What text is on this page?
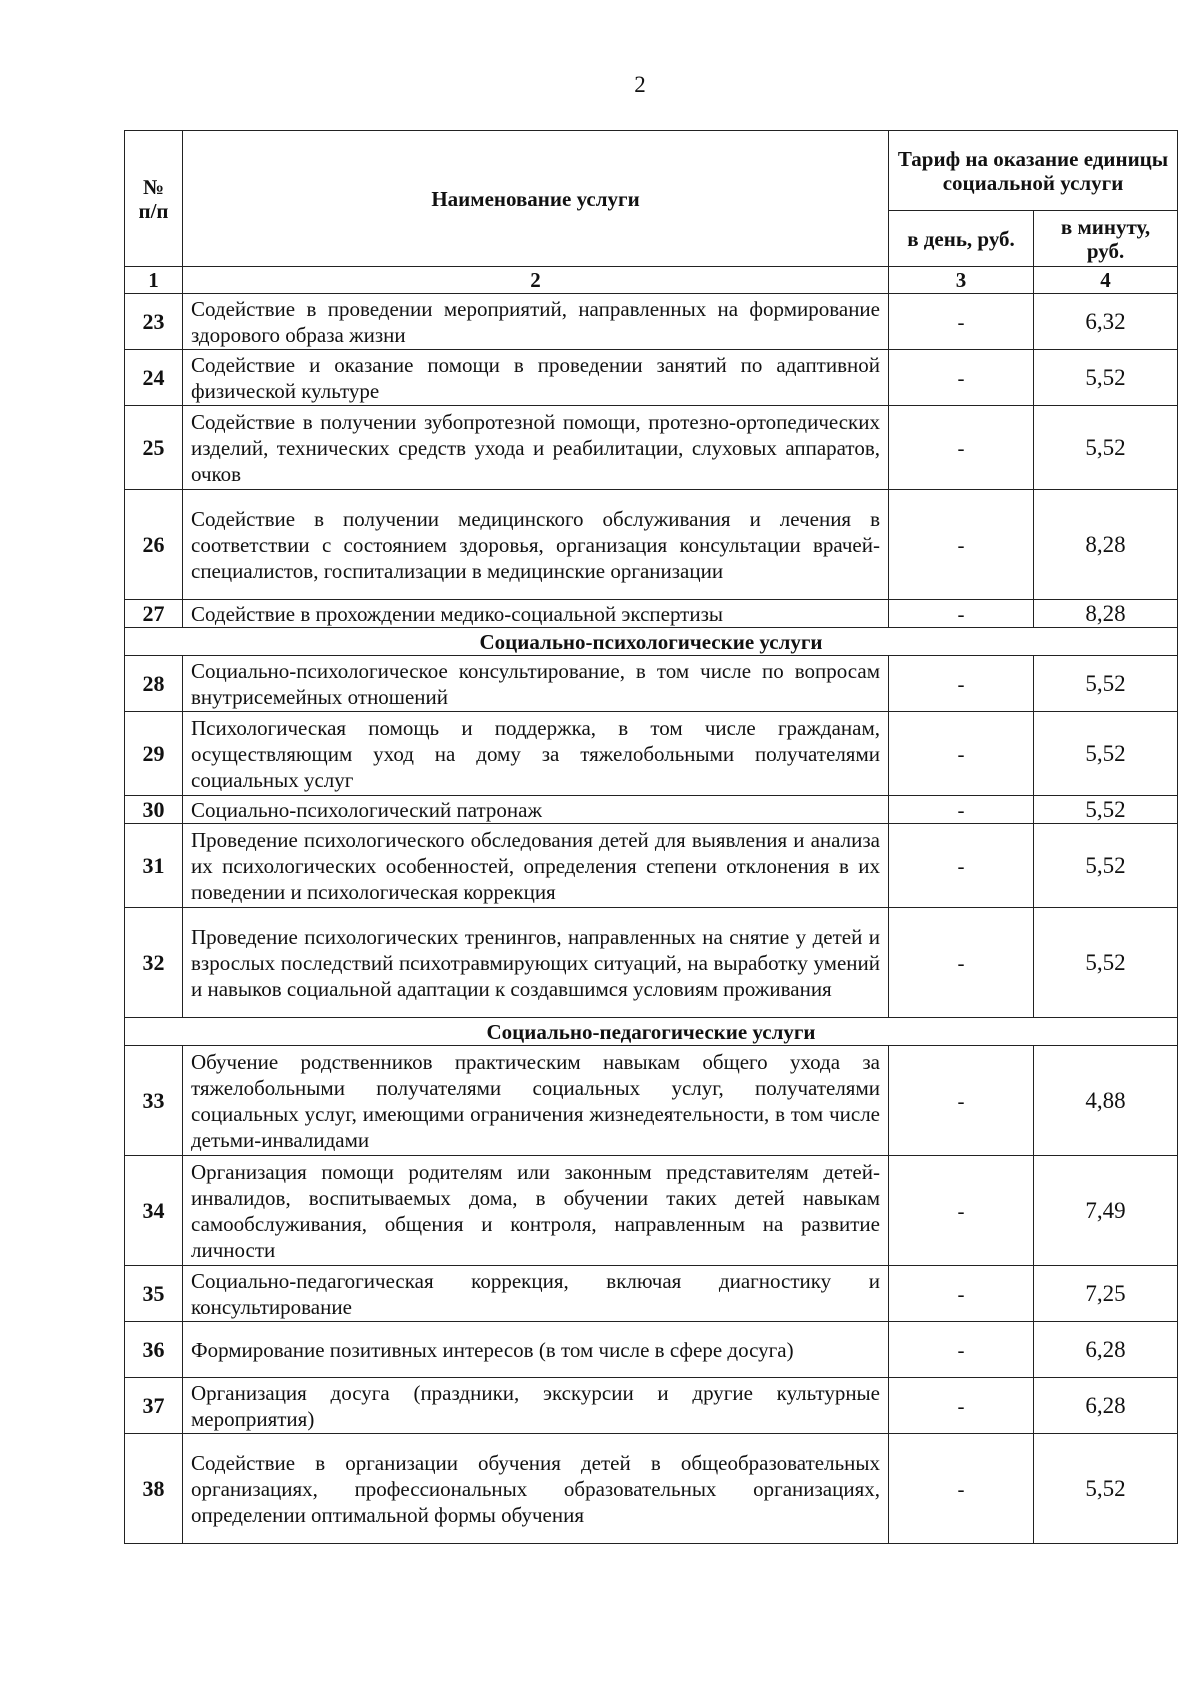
2
№ п/п	Наименование услуги	Тариф на оказание единицы социальной услуги	
		в день, руб.	в минуту, руб.
1	2	3	4
23	Содействие в проведении мероприятий, направленных на формирование здорового образа жизни	-	6,32
24	Содействие и оказание помощи в проведении занятий по адаптивной физической культуре	-	5,52
25	Содействие в получении зубопротезной помощи, протезно-ортопедических изделий, технических средств ухода и реабилитации, слуховых аппаратов, очков	-	5,52
26	Содействие в получении медицинского обслуживания и лечения в соответствии с состоянием здоровья, организация консультации врачей-специалистов, госпитализации в медицинские организации	-	8,28
27	Содействие в прохождении медико-социальной экспертизы	-	8,28
Социально-психологические услуги			
28	Социально-психологическое консультирование, в том числе по вопросам внутрисемейных отношений	-	5,52
29	Психологическая помощь и поддержка, в том числе гражданам, осуществляющим уход на дому за тяжелобольными получателями социальных услуг	-	5,52
30	Социально-психологический патронаж	-	5,52
31	Проведение психологического обследования детей для выявления и анализа их психологических особенностей, определения степени отклонения в их поведении и психологическая коррекция	-	5,52
32	Проведение психологических тренингов, направленных на снятие у детей и взрослых последствий психотравмирующих ситуаций, на выработку умений и навыков социальной адаптации к создавшимся условиям проживания	-	5,52
Социально-педагогические услуги			
33	Обучение родственников практическим навыкам общего ухода за тяжелобольными получателями социальных услуг, получателями социальных услуг, имеющими ограничения жизнедеятельности, в том числе детьми-инвалидами	-	4,88
34	Организация помощи родителям или законным представителям детей-инвалидов, воспитываемых дома, в обучении таких детей навыкам самообслуживания, общения и контроля, направленным на развитие личности	-	7,49
35	Социально-педагогическая коррекция, включая диагностику и консультирование	-	7,25
36	Формирование позитивных интересов (в том числе в сфере досуга)	-	6,28
37	Организация досуга (праздники, экскурсии и другие культурные мероприятия)	-	6,28
38	Содействие в организации обучения детей в общеобразовательных организациях, профессиональных образовательных организациях, определении оптимальной формы обучения	-	5,52
